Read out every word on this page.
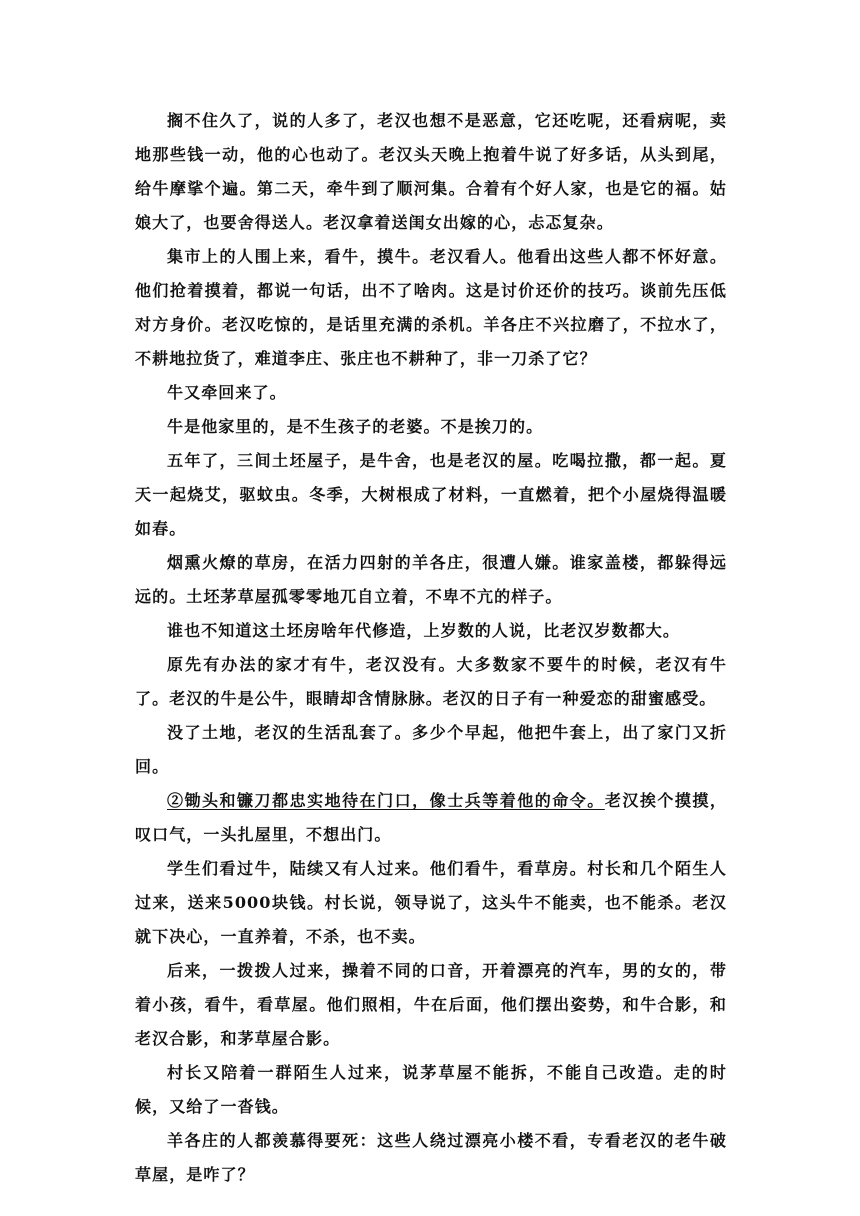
搁不住久了，说的人多了，老汉也想不是恶意，它还吃呢，还看病呢，卖地那些钱一动，他的心也动了。老汉头天晚上抱着牛说了好多话，从头到尾，给牛摩挲个遍。第二天，牵牛到了顺河集。合着有个好人家，也是它的福。姑娘大了，也要舍得送人。老汉拿着送闺女出嫁的心，忐忑复杂。

集市上的人围上来，看牛，摸牛。老汉看人。他看出这些人都不怀好意。他们抢着摸着，都说一句话，出不了啥肉。这是讨价还价的技巧。谈前先压低对方身价。老汉吃惊的，是话里充满的杀机。羊各庄不兴拉磨了，不拉水了，不耕地拉货了，难道李庄、张庄也不耕种了，非一刀杀了它？

牛又牵回来了。

牛是他家里的，是不生孩子的老婆。不是挨刀的。

五年了，三间土坯屋子，是牛舍，也是老汉的屋。吃喝拉撒，都一起。夏天一起烧艾，驱蚊虫。冬季，大树根成了材料，一直燃着，把个小屋烧得温暖如春。

烟熏火燎的草房，在活力四射的羊各庄，很遭人嫌。谁家盖楼，都躲得远远的。土坯茅草屋孤零零地兀自立着，不卑不亢的样子。

谁也不知道这土坯房啥年代修造，上岁数的人说，比老汉岁数都大。

原先有办法的家才有牛，老汉没有。大多数家不要牛的时候，老汉有牛了。老汉的牛是公牛，眼睛却含情脉脉。老汉的日子有一种爱恋的甜蜜感受。

没了土地，老汉的生活乱套了。多少个早起，他把牛套上，出了家门又折回。

②锄头和镰刀都忠实地待在门口，像士兵等着他的命令。老汉挨个摸摸，叹口气，一头扎屋里，不想出门。

学生们看过牛，陆续又有人过来。他们看牛，看草房。村长和几个陌生人过来，送来5000块钱。村长说，领导说了，这头牛不能卖，也不能杀。老汉就下决心，一直养着，不杀，也不卖。

后来，一拨拨人过来，操着不同的口音，开着漂亮的汽车，男的女的，带着小孩，看牛，看草屋。他们照相，牛在后面，他们摆出姿势，和牛合影，和老汉合影，和茅草屋合影。

村长又陪着一群陌生人过来，说茅草屋不能拆，不能自己改造。走的时候，又给了一沓钱。

羊各庄的人都羡慕得要死：这些人绕过漂亮小楼不看，专看老汉的老牛破草屋，是咋了？
